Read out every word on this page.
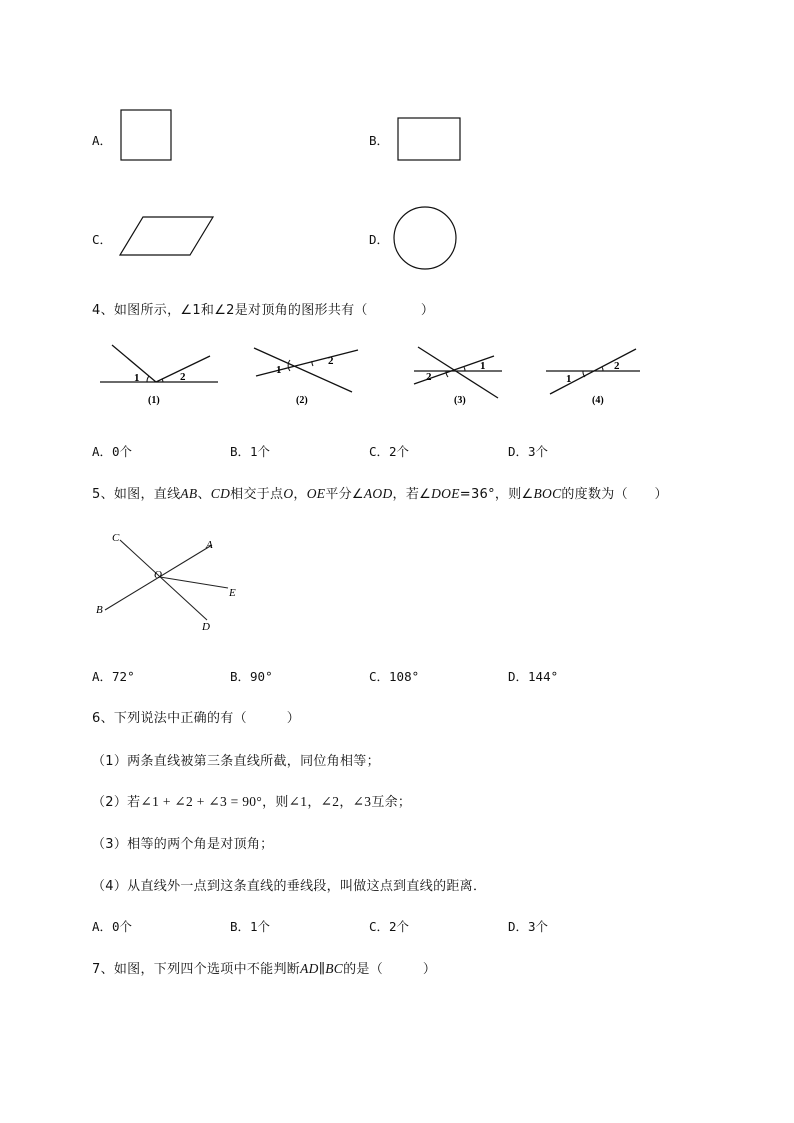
A．	B．
C．	D．
4、如图所示，∠1和∠2是对顶角的图形共有（　　　　）
1	2
(1)
1
2
(2)
2
1
(3)
1
2
(4)
A．0个	B．1个	C．2个	D．3个
5、如图，直线AB、CD相交于点O，OE平分∠AOD，若∠DOE=36°，则∠BOC的度数为（　　）
C
A
O
E
B
D
A．72°	B．90°	C．108°	D．144°
6、下列说法中正确的有（　　　）
（1）两条直线被第三条直线所截，同位角相等；
（2）若∠1 + ∠2 + ∠3 = 90°，则∠1，∠2，∠3互余；
（3）相等的两个角是对顶角；
（4）从直线外一点到这条直线的垂线段，叫做这点到直线的距离．
A．0个	B．1个	C．2个	D．3个
7、如图，下列四个选项中不能判断AD∥BC的是（　　　）
